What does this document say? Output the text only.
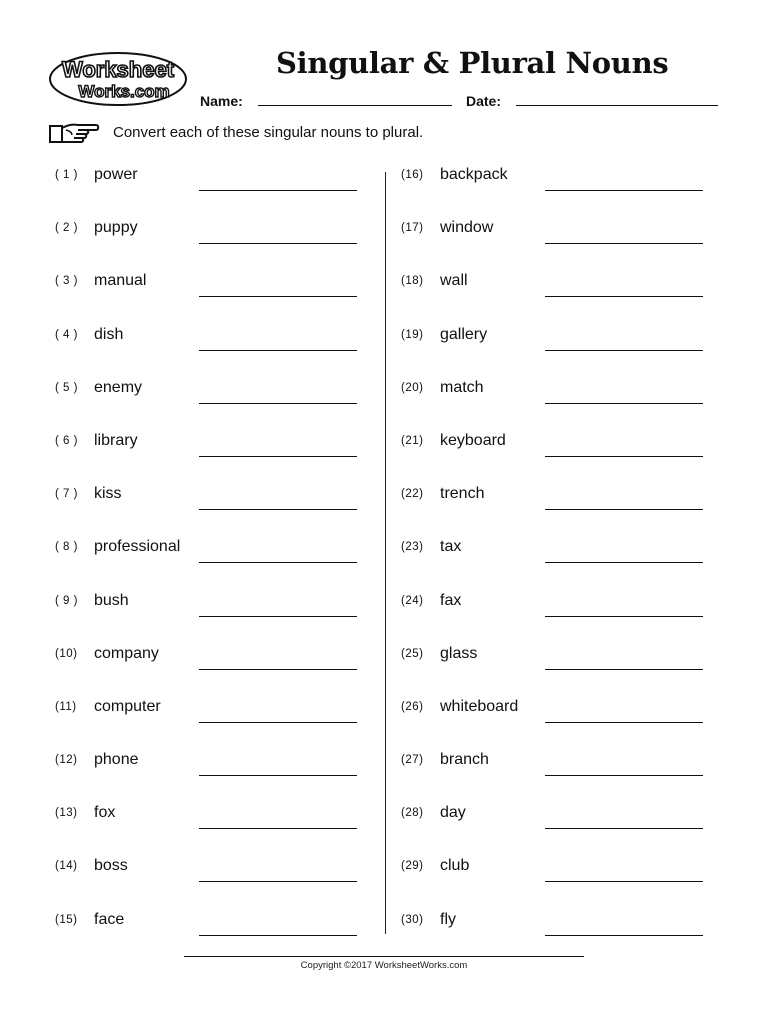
Worksheet
Works.com
Singular & Plural Nouns
Name:	Date:
Convert each of these singular nouns to plural.
( 1 ) power
( 2 ) puppy
( 3 ) manual
( 4 ) dish
( 5 ) enemy
( 6 ) library
( 7 ) kiss
( 8 ) professional
( 9 ) bush
(10) company
(11) computer
(12) phone
(13) fox
(14) boss
(15) face
(16) backpack
(17) window
(18) wall
(19) gallery
(20) match
(21) keyboard
(22) trench
(23) tax
(24) fax
(25) glass
(26) whiteboard
(27) branch
(28) day
(29) club
(30) fly
Copyright ©2017 WorksheetWorks.com
